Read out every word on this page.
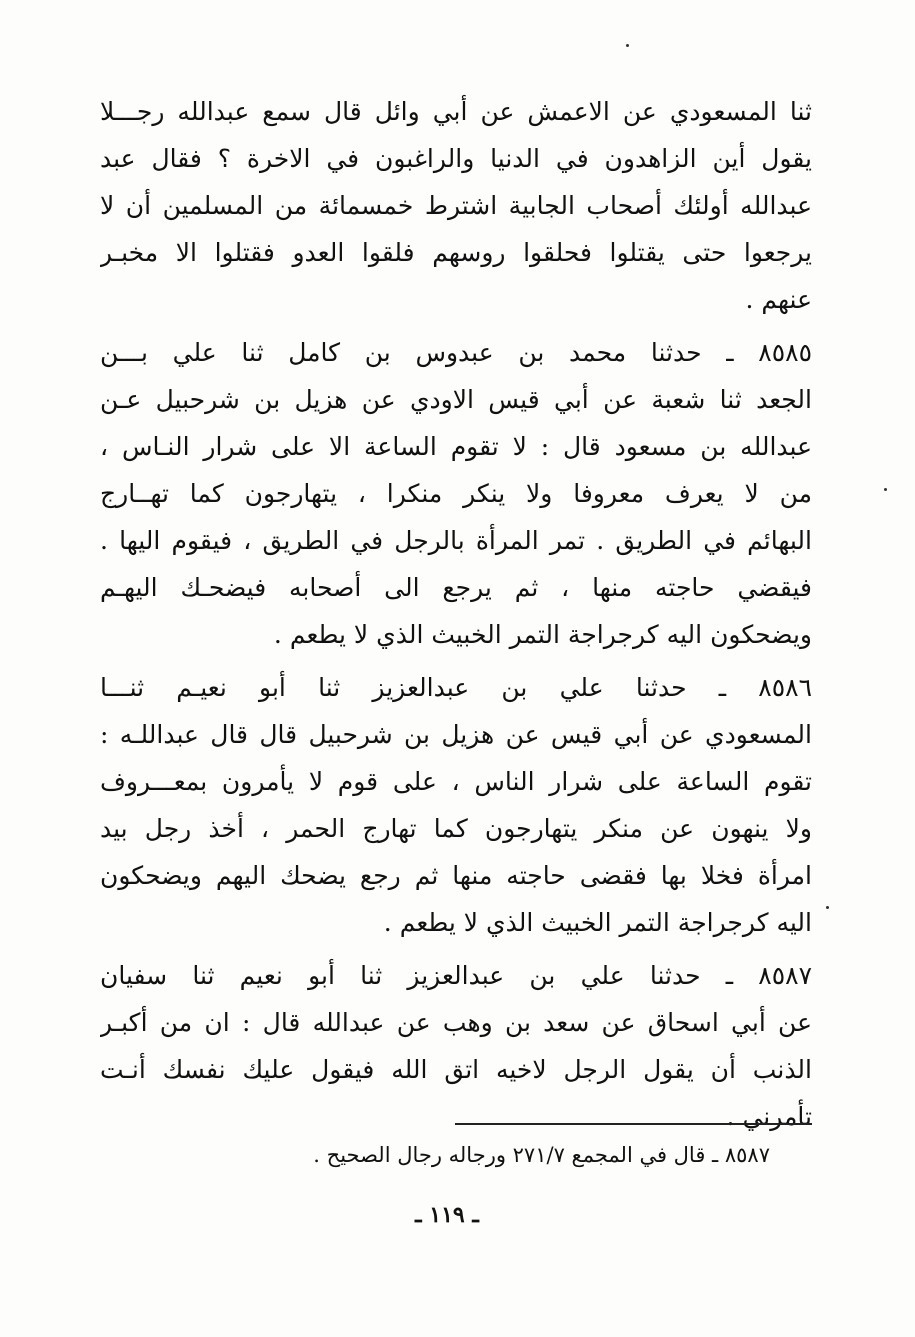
ثنا المسعودي عن الاعمش عن أبي وائل قال سمع عبدالله رجـــلا
يقول أين الزاهدون في الدنيا والراغبون في الاخرة ؟ فقال عبد
عبدالله أولئك أصحاب الجابية اشترط خمسمائة من المسلمين أن لا
يرجعوا حتى يقتلوا فحلقوا روسهم فلقوا العدو فقتلوا الا مخبـر
عنهم .
٨٥٨٥ ـ حدثنا محمد بن عبدوس بن كامل ثنا علي بـــن
الجعد ثنا شعبة عن أبي قيس الاودي عن هزيل بن شرحبيل عـن
عبدالله بن مسعود قال : لا تقوم الساعة الا على شرار النـاس ،
من لا يعرف معروفا ولا ينكر منكرا ، يتهارجون كما تهــارج
البهائم في الطريق . تمر المرأة بالرجل في الطريق ، فيقوم اليها .
فيقضي حاجته منها ، ثم يرجع الى أصحابه فيضحـك اليهـم
ويضحكون اليه كرجراجة التمر الخبيث الذي لا يطعم .
٨٥٨٦ ـ حدثنا علي بن عبدالعزيز ثنا أبو نعيـم ثنـــا
المسعودي عن أبي قيس عن هزيل بن شرحبيل قال قال عبداللـه :
تقوم الساعة على شرار الناس ، على قوم لا يأمرون بمعـــروف
ولا ينهون عن منكر يتهارجون كما تهارج الحمر ، أخذ رجل بيد
امرأة فخلا بها فقضى حاجته منها ثم رجع يضحك اليهم ويضحكون
اليه كرجراجة التمر الخبيث الذي لا يطعم .
٨٥٨٧ ـ حدثنا علي بن عبدالعزيز ثنا أبو نعيم ثنا سفيان
عن أبي اسحاق عن سعد بن وهب عن عبدالله قال : ان من أكبـر
الذنب أن يقول الرجل لاخيه اتق الله فيقول عليك نفسك أنـت
تأمرني .
٨٥٨٧ ـ قال في المجمع ٢٧١/٧ ورجاله رجال الصحيح .
ـ ١١٩ ـ
